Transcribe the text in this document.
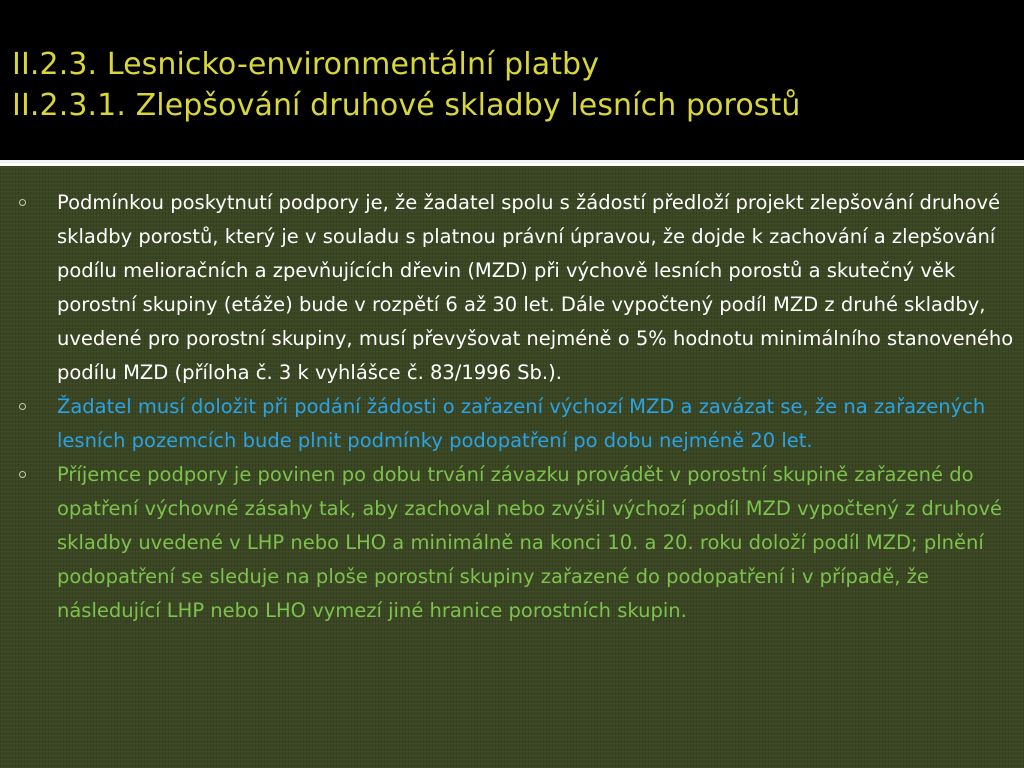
II.2.3. Lesnicko-environmentální platby
II.2.3.1. Zlepšování druhové skladby lesních porostů
Podmínkou poskytnutí podpory je, že žadatel spolu s žádostí předloží projekt zlepšování druhové skladby porostů, který je v souladu s platnou právní úpravou, že dojde k zachování a zlepšování podílu melioračních a zpevňujících dřevin (MZD) při výchově lesních porostů a skutečný věk porostní skupiny (etáže) bude v rozpětí 6 až 30 let. Dále vypočtený podíl MZD z druhé skladby, uvedené pro porostní skupiny, musí převyšovat nejméně o 5% hodnotu minimálního stanoveného podílu MZD (příloha č. 3 k vyhlášce č. 83/1996 Sb.).
Žadatel musí doložit při podání žádosti o zařazení výchozí MZD a zavázat se, že na zařazených lesních pozemcích bude plnit podmínky podopatření po dobu nejméně 20 let.
Příjemce podpory je povinen po dobu trvání závazku provádět v porostní skupině zařazené do opatření výchovné zásahy tak, aby zachoval nebo zvýšil výchozí podíl MZD vypočtený z druhové skladby uvedené v LHP nebo LHO a minimálně na konci 10. a 20. roku doloží podíl MZD; plnění podopatření se sleduje na ploše porostní skupiny zařazené do podopatření i v případě, že následující LHP nebo LHO vymezí jiné hranice porostních skupin.
